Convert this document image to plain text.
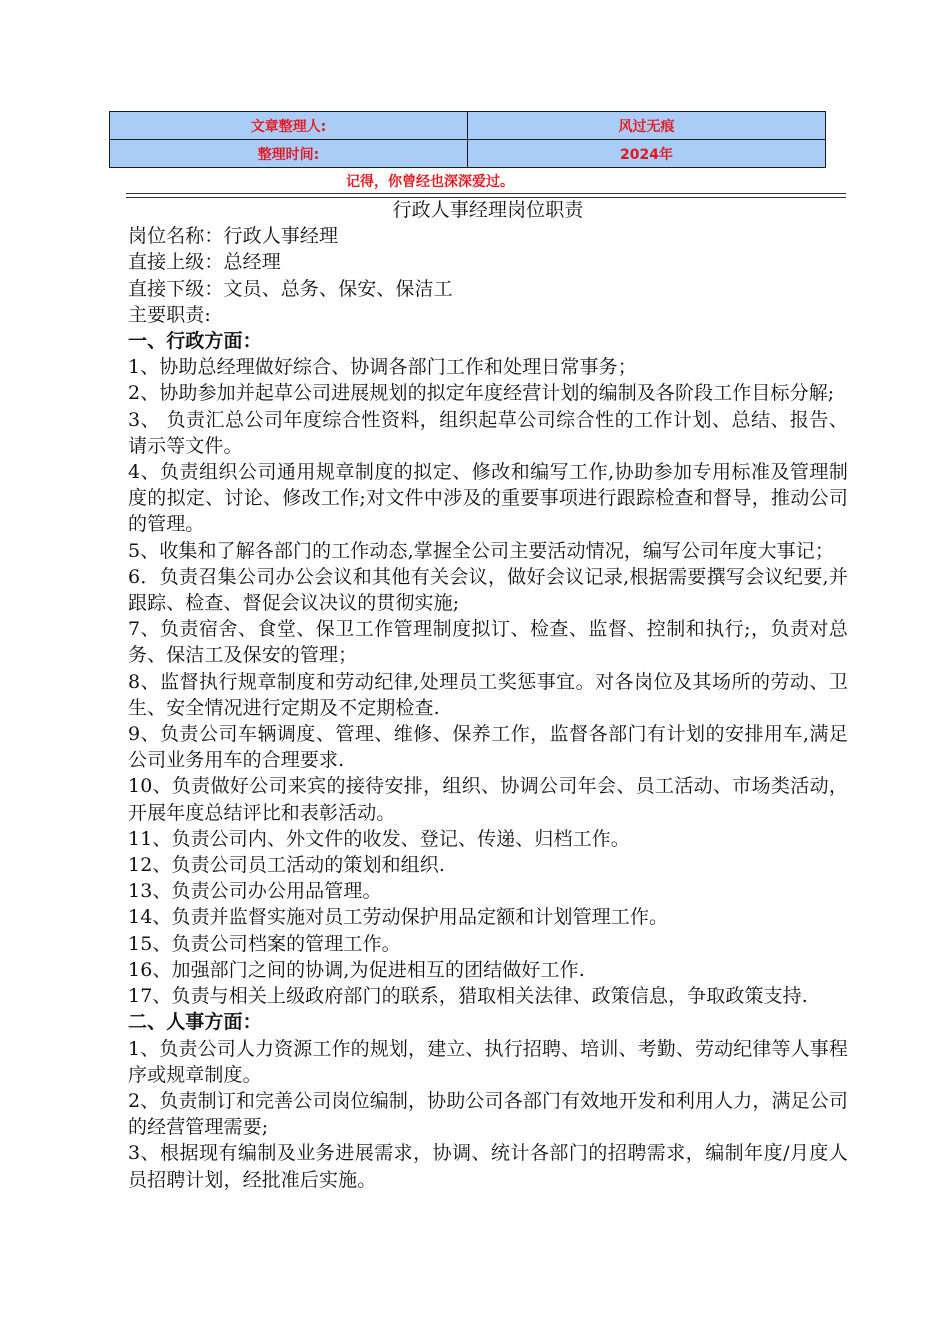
文章整理人:	风过无痕
整理时间:	2024年
记得，你曾经也深深爱过。
行政人事经理岗位职责

岗位名称：行政人事经理

直接上级：总经理

直接下级：文员、总务、保安、保洁工

主要职责:

一、行政方面：

1、协助总经理做好综合、协调各部门工作和处理日常事务；

2、协助参加并起草公司进展规划的拟定年度经营计划的编制及各阶段工作目标分解;

3、 负责汇总公司年度综合性资料，组织起草公司综合性的工作计划、总结、报告、请示等文件。

4、负责组织公司通用规章制度的拟定、修改和编写工作,协助参加专用标准及管理制度的拟定、讨论、修改工作;对文件中涉及的重要事项进行跟踪检查和督导，推动公司的管理。

5、收集和了解各部门的工作动态,掌握全公司主要活动情况，编写公司年度大事记；

6．负责召集公司办公会议和其他有关会议，做好会议记录,根据需要撰写会议纪要,并跟踪、检查、督促会议决议的贯彻实施;

7、负责宿舍、食堂、保卫工作管理制度拟订、检查、监督、控制和执行;，负责对总务、保洁工及保安的管理；

8、监督执行规章制度和劳动纪律,处理员工奖惩事宜。对各岗位及其场所的劳动、卫生、安全情况进行定期及不定期检查.

9、负责公司车辆调度、管理、维修、保养工作，监督各部门有计划的安排用车,满足公司业务用车的合理要求.

10、负责做好公司来宾的接待安排，组织、协调公司年会、员工活动、市场类活动，开展年度总结评比和表彰活动。

11、负责公司内、外文件的收发、登记、传递、归档工作。

12、负责公司员工活动的策划和组织.

13、负责公司办公用品管理。

14、负责并监督实施对员工劳动保护用品定额和计划管理工作。

15、负责公司档案的管理工作。

16、加强部门之间的协调,为促进相互的团结做好工作.

17、负责与相关上级政府部门的联系，猎取相关法律、政策信息，争取政策支持.

二、人事方面：

1、负责公司人力资源工作的规划，建立、执行招聘、培训、考勤、劳动纪律等人事程序或规章制度。

2、负责制订和完善公司岗位编制，协助公司各部门有效地开发和利用人力，满足公司的经营管理需要;

3、根据现有编制及业务进展需求，协调、统计各部门的招聘需求，编制年度/月度人员招聘计划，经批准后实施。
